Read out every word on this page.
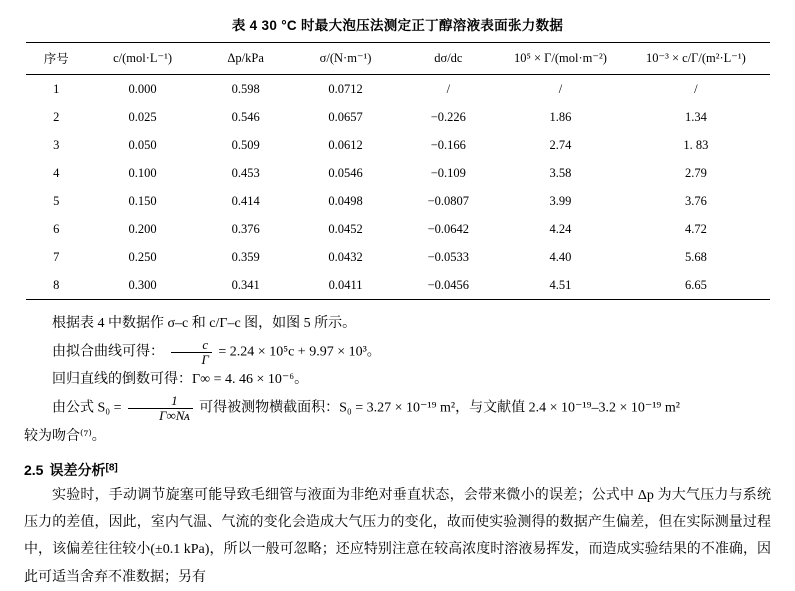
表 4 30 °C 时最大泡压法测定正丁醇溶液表面张力数据
序号	c/(mol·L⁻¹)	Δp/kPa	σ/(N·m⁻¹)	dσ/dc	10⁵ × Γ/(mol·m⁻²)	10⁻³ × c/Γ/(m²·L⁻¹)
1	0.000	0.598	0.0712	/	/	/
2	0.025	0.546	0.0657	−0.226	1.86	1.34
3	0.050	0.509	0.0612	−0.166	2.74	1. 83
4	0.100	0.453	0.0546	−0.109	3.58	2.79
5	0.150	0.414	0.0498	−0.0807	3.99	3.76
6	0.200	0.376	0.0452	−0.0642	4.24	4.72
7	0.250	0.359	0.0432	−0.0533	4.40	5.68
8	0.300	0.341	0.0411	−0.0456	4.51	6.65

根据表 4 中数据作 σ–c 和 c/Γ–c 图，如图 5 所示。

由拟合曲线可得： $\frac{c}{\Gamma} = 2.24 \times 10^5c + 9.97 \times 10^3$。

回归直线的倒数可得：Γ∞ = 4. 46 × 10⁻⁶。

由公式 $S_0 = \frac{1}{\text{Γ∞Nᴀ}}$ 可得被测物横截面积：S₀ = 3.27 × 10⁻¹⁹ m²，与文献值 2.4 × 10⁻¹⁹–3.2 × 10⁻¹⁹ m²

较为吻合⁽⁷⁾。

2.5 误差分析[8]

实验时，手动调节旋塞可能导致毛细管与液面为非绝对垂直状态，会带来微小的误差；公式中 Δp 为大气压力与系统压力的差值，因此，室内气温、气流的变化会造成大气压力的变化，故而使实验测得的数据产生偏差，但在实际测量过程中，该偏差往往较小(±0.1 kPa)，所以一般可忽略；还应特别注意在较高浓度时溶液易挥发，而造成实验结果的不准确，因此可适当舍弃不准数据；另有
